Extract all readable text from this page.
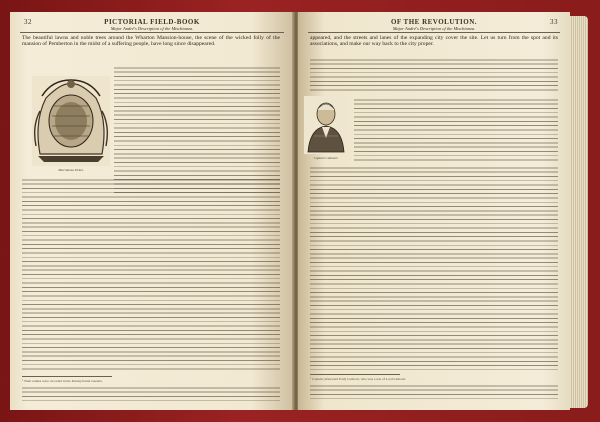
32	PICTORIAL FIELD-BOOK
Major André's Description of the Mischianza.
The beautiful lawns and noble trees around the Wharton Mansion-house, the scene of the wicked folly of the mansion of Pemberton in the midst of a suffering people, have long since disappeared.
Mischianza Ticket.
¹ Their names were recorded in the Pennsylvania Gazette.
OF THE REVOLUTION.	33
Major André's Description of the Mischianza.
appeared, and the streets and lanes of the expanding city cover the site. Let us turn from the spot and its associations, and make our way back to the city proper.
Captain Cathcart.
¹ Captain (afterward Earl) Cathcart, who was a son of Lord Cathcart.
